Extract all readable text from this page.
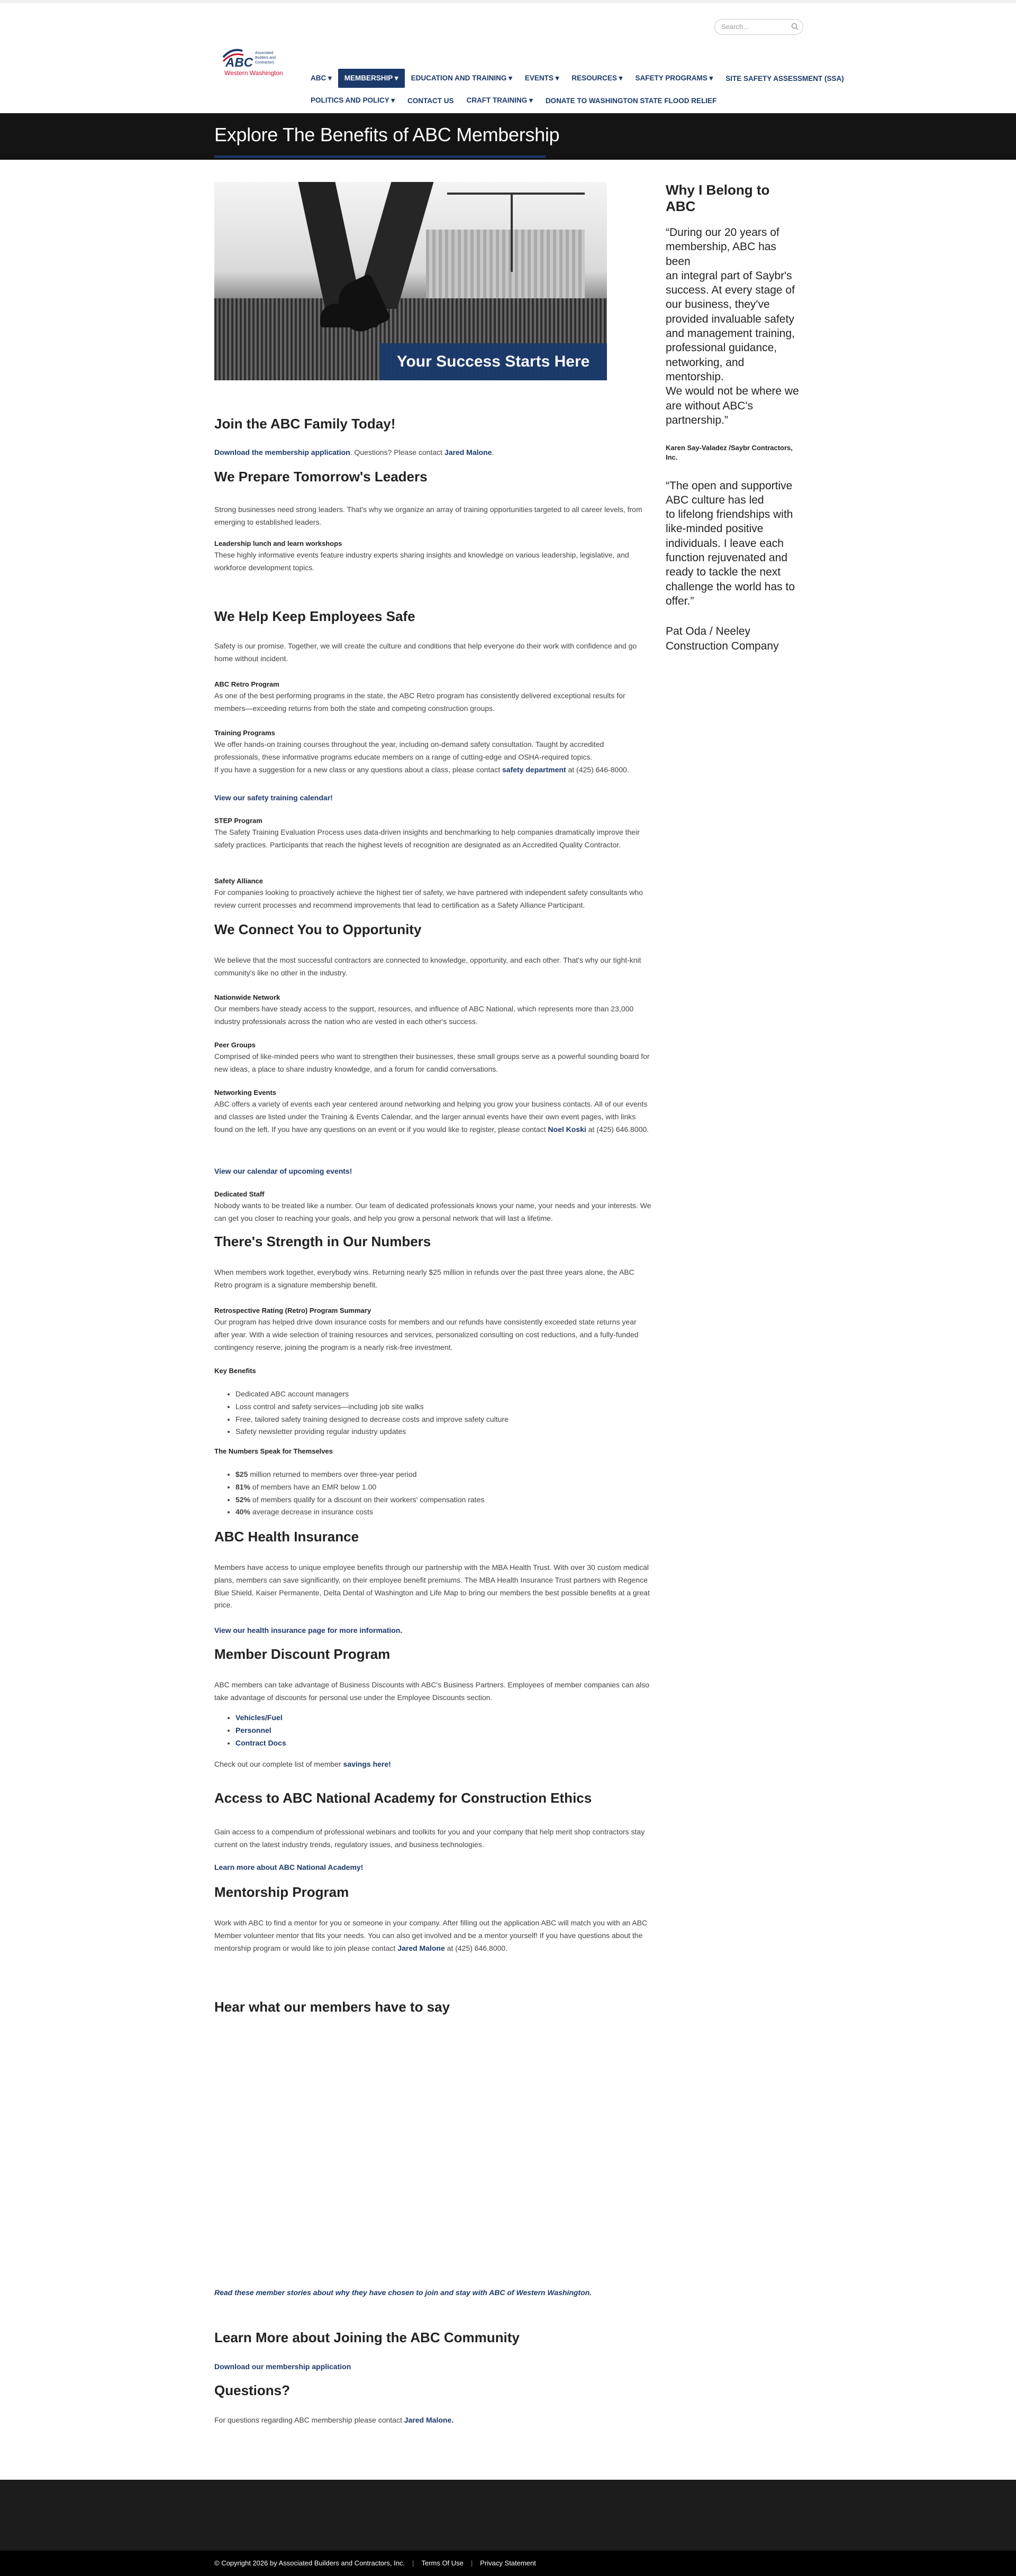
Search...
ABC
Associated
Builders and
Contractors
Western Washington
ABC ▾	MEMBERSHIP ▾	EDUCATION AND TRAINING ▾	EVENTS ▾	RESOURCES ▾	SAFETY PROGRAMS ▾	SITE SAFETY ASSESSMENT (SSA)
POLITICS AND POLICY ▾	CONTACT US	CRAFT TRAINING ▾	DONATE TO WASHINGTON STATE FLOOD RELIEF
Explore The Benefits of ABC Membership
Your Success Starts Here
Join the ABC Family Today!

Download the membership application. Questions? Please contact Jared Malone.

We Prepare Tomorrow's Leaders

Strong businesses need strong leaders. That's why we organize an array of training opportunities targeted to all career levels, from emerging to established leaders.

Leadership lunch and learn workshops

These highly informative events feature industry experts sharing insights and knowledge on various leadership, legislative, and workforce development topics.

We Help Keep Employees Safe

Safety is our promise. Together, we will create the culture and conditions that help everyone do their work with confidence and go home without incident.

ABC Retro Program

As one of the best performing programs in the state, the ABC Retro program has consistently delivered exceptional results for members—exceeding returns from both the state and competing construction groups.

Training Programs

We offer hands-on training courses throughout the year, including on-demand safety consultation. Taught by accredited professionals, these informative programs educate members on a range of cutting-edge and OSHA-required topics.

If you have a suggestion for a new class or any questions about a class, please contact safety department at (425) 646-8000.

View our safety training calendar!
STEP Program

The Safety Training Evaluation Process uses data-driven insights and benchmarking to help companies dramatically improve their safety practices. Participants that reach the highest levels of recognition are designated as an Accredited Quality Contractor.

Safety Alliance

For companies looking to proactively achieve the highest tier of safety, we have partnered with independent safety consultants who review current processes and recommend improvements that lead to certification as a Safety Alliance Participant.

We Connect You to Opportunity

We believe that the most successful contractors are connected to knowledge, opportunity, and each other. That's why our tight-knit community's like no other in the industry.

Nationwide Network

Our members have steady access to the support, resources, and influence of ABC National, which represents more than 23,000 industry professionals across the nation who are vested in each other's success.

Peer Groups

Comprised of like-minded peers who want to strengthen their businesses, these small groups serve as a powerful sounding board for new ideas, a place to share industry knowledge, and a forum for candid conversations.

Networking Events

ABC offers a variety of events each year centered around networking and helping you grow your business contacts. All of our events and classes are listed under the Training & Events Calendar, and the larger annual events have their own event pages, with links found on the left. If you have any questions on an event or if you would like to register, please contact Noel Koski at (425) 646.8000.

View our calendar of upcoming events!
Dedicated Staff

Nobody wants to be treated like a number. Our team of dedicated professionals knows your name, your needs and your interests. We can get you closer to reaching your goals, and help you grow a personal network that will last a lifetime.

There's Strength in Our Numbers

When members work together, everybody wins. Returning nearly $25 million in refunds over the past three years alone, the ABC Retro program is a signature membership benefit.

Retrospective Rating (Retro) Program Summary

Our program has helped drive down insurance costs for members and our refunds have consistently exceeded state returns year after year. With a wide selection of training resources and services, personalized consulting on cost reductions, and a fully-funded contingency reserve, joining the program is a nearly risk-free investment.

Key Benefits
• Dedicated ABC account managers
• Loss control and safety services—including job site walks
• Free, tailored safety training designed to decrease costs and improve safety culture
• Safety newsletter providing regular industry updates
The Numbers Speak for Themselves
• $25 million returned to members over three-year period
• 81% of members have an EMR below 1.00
• 52% of members qualify for a discount on their workers' compensation rates
• 40% average decrease in insurance costs
ABC Health Insurance

Members have access to unique employee benefits through our partnership with the MBA Health Trust. With over 30 custom medical plans, members can save significantly, on their employee benefit premiums. The MBA Health Insurance Trust partners with Regence Blue Shield, Kaiser Permanente, Delta Dental of Washington and Life Map to bring our members the best possible benefits at a great price.

View our health insurance page for more information.
Member Discount Program

ABC members can take advantage of Business Discounts with ABC's Business Partners. Employees of member companies can also take advantage of discounts for personal use under the Employee Discounts section.

• Vehicles/Fuel
• Personnel
• Contract Docs

Check out our complete list of member savings here!

Access to ABC National Academy for Construction Ethics

Gain access to a compendium of professional webinars and toolkits for you and your company that help merit shop contractors stay current on the latest industry trends, regulatory issues, and business technologies.

Learn more about ABC National Academy!
Mentorship Program

Work with ABC to find a mentor for you or someone in your company. After filling out the application ABC will match you with an ABC Member volunteer mentor that fits your needs. You can also get involved and be a mentor yourself! If you have questions about the mentorship program or would like to join please contact Jared Malone at (425) 646.8000.

Hear what our members have to say
Read these member stories about why they have chosen to join and stay with ABC of Western Washington.
Learn More about Joining the ABC Community
Download our membership application
Questions?

For questions regarding ABC membership please contact Jared Malone.

Why I Belong to ABC

“During our 20 years of membership, ABC has been
an integral part of Saybr's success. At every stage of our business, they've provided invaluable safety and management training, professional guidance, networking, and mentorship.
We would not be where we are without ABC's partnership.”

Karen Say-Valadez /Saybr Contractors, Inc.

“The open and supportive ABC culture has led
to lifelong friendships with like-minded positive individuals. I leave each function rejuvenated and ready to tackle the next challenge the world has to offer.”

Pat Oda / Neeley Construction Company

© Copyright 2026 by Associated Builders and Contractors, Inc. | Terms Of Use | Privacy Statement
